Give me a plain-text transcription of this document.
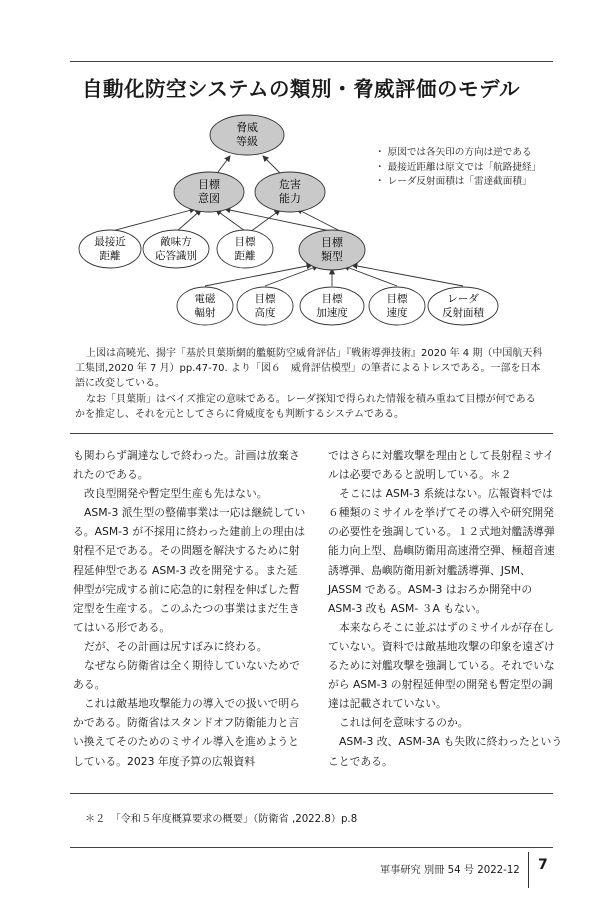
自動化防空システムの類別・脅威評価のモデル
脅威
等級
目標
意図
危害
能力
最接近
距離
敵味方
応答識別
目標
距離
目標
類型
電磁
輻射
目標
高度
目標
加速度
目標
速度
レーダ
反射面積
・ 原図では各矢印の方向は逆である
・ 最接近距離は原文では「航路捷経」
・ レーダ反射面積は「雷達截面積」

上図は高曉光、揚宇「基於貝葉斯網的艦艇防空威脅評估」『戦術導弾技術』2020 年 4 期（中国航天科工集団,2020 年 7 月）pp.47-70. より「図６　威脅評估模型」の筆者によるトレスである。一部を日本語に改変している。

なお「貝葉斯」はベイズ推定の意味である。レーダ探知で得られた情報を積み重ねて目標が何であるかを推定し、それを元としてさらに脅威度をも判断するシステムである。

も関わらず調達なしで終わった。計画は放棄されたのである。

改良型開発や暫定型生産も先はない。

ASM-3 派生型の整備事業は一応は継続している。ASM-3 が不採用に終わった建前上の理由は射程不足である。その問題を解決するために射程延伸型である ASM-3 改を開発する。また延伸型が完成する前に応急的に射程を伸ばした暫定型を生産する。このふたつの事業はまだ生きてはいる形である。

だが、その計画は尻すぼみに終わる。

なぜなら防衛省は全く期待していないためである。

これは敵基地攻撃能力の導入での扱いで明らかである。防衛省はスタンドオフ防衛能力と言い換えてそのためのミサイル導入を進めようとしている。2023 年度予算の広報資料

ではさらに対艦攻撃を理由として長射程ミサイルは必要であると説明している。＊２

そこには ASM-3 系統はない。広報資料では６種類のミサイルを挙げてその導入や研究開発の必要性を強調している。１２式地対艦誘導弾能力向上型、島嶼防衛用高速滑空弾、極超音速誘導弾、島嶼防衛用新対艦誘導弾、JSM、JASSM である。ASM-3 はおろか開発中の ASM-3 改も ASM- ３A もない。

本来ならそこに並ぶはずのミサイルが存在していない。資料では敵基地攻撃の印象を遠ざけるために対艦攻撃を強調している。それでいながら ASM-3 の射程延伸型の開発も暫定型の調達は記載されていない。

これは何を意味するのか。

ASM-3 改、ASM-3A も失敗に終わったということである。

＊２　「令和５年度概算要求の概要」（防衛省 ,2022.8）p.8
軍事研究 別冊 54 号 2022-12 7
